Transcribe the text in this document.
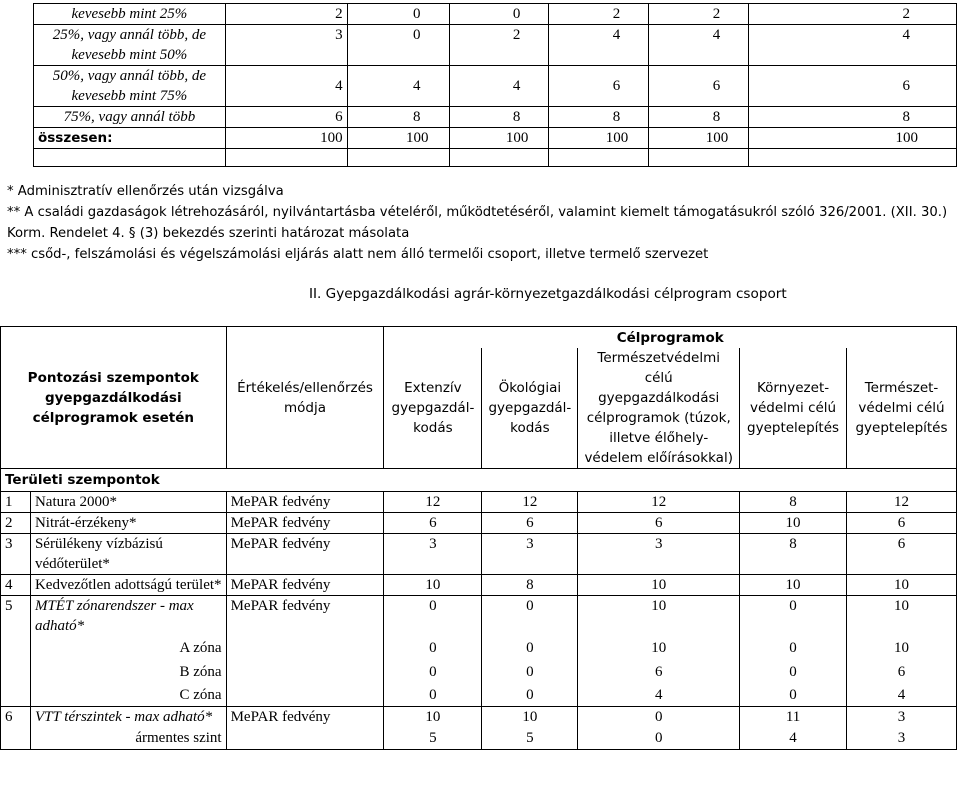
kevesebb mint 25%	2	0	0	2	2	2
25%, vagy annál több, de kevesebb mint 50%	3	0	2	4	4	4
50%, vagy annál több, de kevesebb mint 75%	4	4	4	6	6	6
75%, vagy annál több	6	8	8	8	8	8
összesen:	100	100	100	100	100	100

* Adminisztratív ellenőrzés után vizsgálva

** A családi gazdaságok létrehozásáról, nyilvántartásba vételéről, működtetéséről, valamint kiemelt támogatásukról szóló 326/2001. (XII. 30.) Korm. Rendelet 4. § (3) bekezdés szerinti határozat másolata

*** csőd-, felszámolási és végelszámolási eljárás alatt nem álló termelői csoport, illetve termelő szervezet

II. Gyepgazdálkodási agrár-környezetgazdálkodási célprogram csoport
Pontozási szempontok gyepgazdálkodási célprogramok esetén		Értékelés/ellenőrzés módja	Célprogramok				
			Extenzív gyepgazdál-kodás	Ökológiai gyepgazdál-kodás	Természetvédelmi célú gyepgazdálkodási célprogramok (túzok, illetve élőhely-védelem előírásokkal)	Környezet-védelmi célú gyeptelepítés	Természet-védelmi célú gyeptelepítés
Területi szempontok							
1	Natura 2000*	MePAR fedvény	12	12	12	8	12
2	Nitrát-érzékeny*	MePAR fedvény	6	6	6	10	6
3	Sérülékeny vízbázisú védőterület*	MePAR fedvény	3	3	3	8	6
4	Kedvezőtlen adottságú terület*	MePAR fedvény	10	8	10	10	10
5	MTÉT zónarendszer - max adható*	MePAR fedvény	0	0	10	0	10
	A zóna		0	0	10	0	10
	B zóna		0	0	6	0	6
	C zóna		0	0	4	0	4
6	VTT térszintek - max adható*	MePAR fedvény	10	10	0	11	3
	ármentes szint		5	5	0	4	3
